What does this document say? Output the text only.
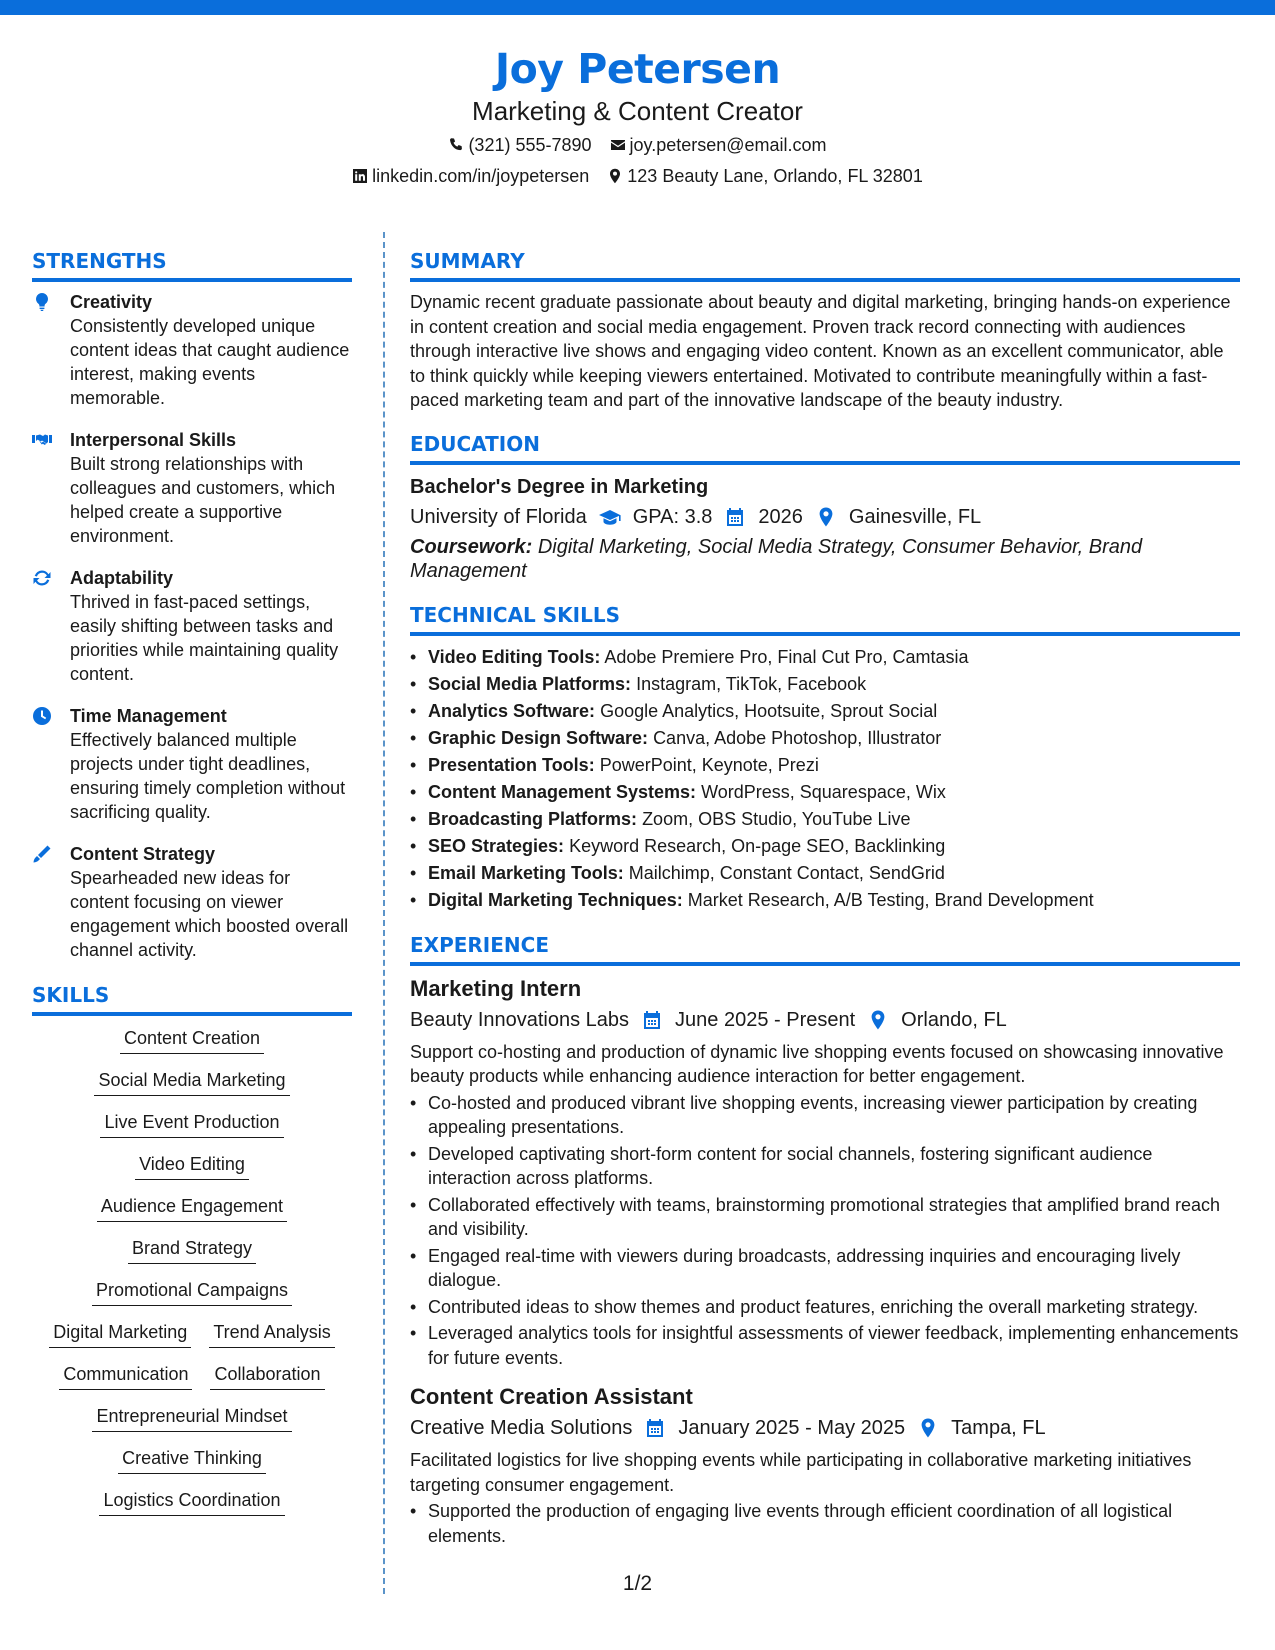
Joy Petersen
Marketing & Content Creator
(321) 555-7890 joy.petersen@email.com
linkedin.com/in/joypetersen 123 Beauty Lane, Orlando, FL 32801
STRENGTHS
Creativity
Consistently developed unique content ideas that caught audience interest, making events memorable.
Interpersonal Skills
Built strong relationships with colleagues and customers, which helped create a supportive environment.
Adaptability
Thrived in fast-paced settings, easily shifting between tasks and priorities while maintaining quality content.
Time Management
Effectively balanced multiple projects under tight deadlines, ensuring timely completion without sacrificing quality.
Content Strategy
Spearheaded new ideas for content focusing on viewer engagement which boosted overall channel activity.
SKILLS
Content Creation
Social Media Marketing
Live Event Production
Video Editing
Audience Engagement
Brand Strategy
Promotional Campaigns
Digital Marketing Trend Analysis
Communication Collaboration
Entrepreneurial Mindset
Creative Thinking
Logistics Coordination
SUMMARY
Dynamic recent graduate passionate about beauty and digital marketing, bringing hands-on experience in content creation and social media engagement. Proven track record connecting with audiences through interactive live shows and engaging video content. Known as an excellent communicator, able to think quickly while keeping viewers entertained. Motivated to contribute meaningfully within a fast-paced marketing team and part of the innovative landscape of the beauty industry.
EDUCATION
Bachelor's Degree in Marketing
University of Florida GPA: 3.8 2026 Gainesville, FL
Coursework: Digital Marketing, Social Media Strategy, Consumer Behavior, Brand Management
TECHNICAL SKILLS
• Video Editing Tools: Adobe Premiere Pro, Final Cut Pro, Camtasia
• Social Media Platforms: Instagram, TikTok, Facebook
• Analytics Software: Google Analytics, Hootsuite, Sprout Social
• Graphic Design Software: Canva, Adobe Photoshop, Illustrator
• Presentation Tools: PowerPoint, Keynote, Prezi
• Content Management Systems: WordPress, Squarespace, Wix
• Broadcasting Platforms: Zoom, OBS Studio, YouTube Live
• SEO Strategies: Keyword Research, On-page SEO, Backlinking
• Email Marketing Tools: Mailchimp, Constant Contact, SendGrid
• Digital Marketing Techniques: Market Research, A/B Testing, Brand Development
EXPERIENCE
Marketing Intern
Beauty Innovations Labs June 2025 - Present Orlando, FL
Support co-hosting and production of dynamic live shopping events focused on showcasing innovative beauty products while enhancing audience interaction for better engagement.
• Co-hosted and produced vibrant live shopping events, increasing viewer participation by creating appealing presentations.
• Developed captivating short-form content for social channels, fostering significant audience interaction across platforms.
• Collaborated effectively with teams, brainstorming promotional strategies that amplified brand reach and visibility.
• Engaged real-time with viewers during broadcasts, addressing inquiries and encouraging lively dialogue.
• Contributed ideas to show themes and product features, enriching the overall marketing strategy.
• Leveraged analytics tools for insightful assessments of viewer feedback, implementing enhancements for future events.
Content Creation Assistant
Creative Media Solutions January 2025 - May 2025 Tampa, FL
Facilitated logistics for live shopping events while participating in collaborative marketing initiatives targeting consumer engagement.
• Supported the production of engaging live events through efficient coordination of all logistical elements.
1/2
